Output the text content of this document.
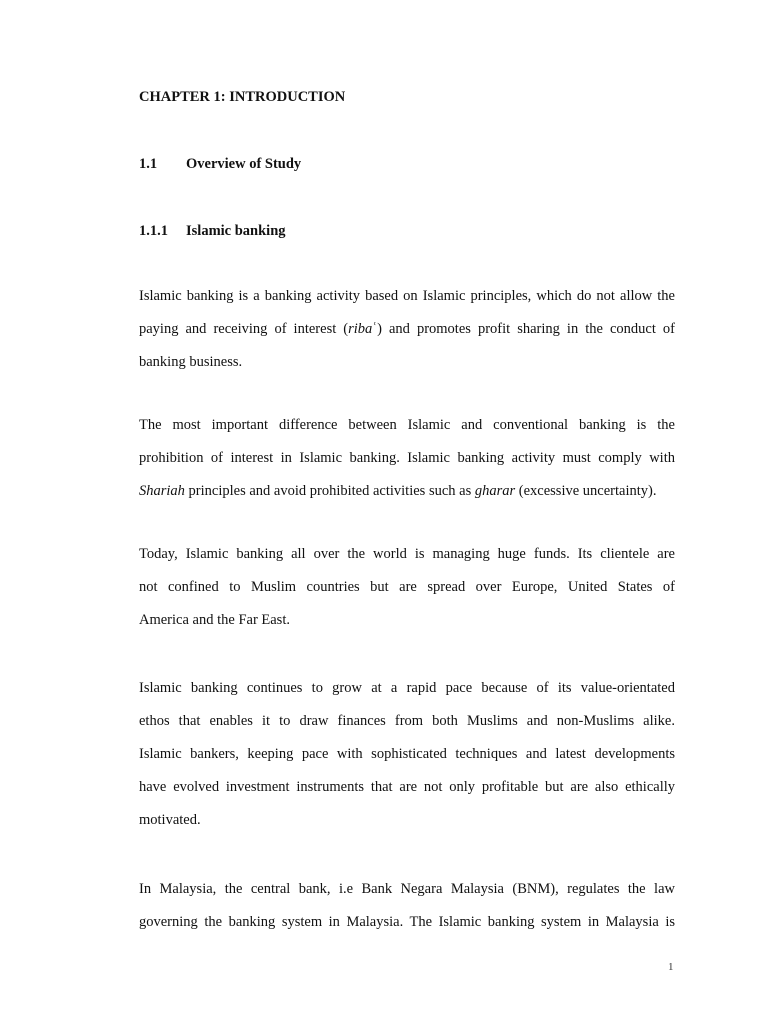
CHAPTER 1: INTRODUCTION
1.1 Overview of Study
1.1.1 Islamic banking
Islamic banking is a banking activity based on Islamic principles, which do not allow the
paying and receiving of interest (ribaʿ) and promotes profit sharing in the conduct of
banking business.
The most important difference between Islamic and conventional banking is the
prohibition of interest in Islamic banking. Islamic banking activity must comply with
Shariah principles and avoid prohibited activities such as gharar (excessive uncertainty).
Today, Islamic banking all over the world is managing huge funds. Its clientele are
not confined to Muslim countries but are spread over Europe, United States of
America and the Far East.
Islamic banking continues to grow at a rapid pace because of its value-orientated
ethos that enables it to draw finances from both Muslims and non-Muslims alike.
Islamic bankers, keeping pace with sophisticated techniques and latest developments
have evolved investment instruments that are not only profitable but are also ethically
motivated.
In Malaysia, the central bank, i.e Bank Negara Malaysia (BNM), regulates the law
governing the banking system in Malaysia. The Islamic banking system in Malaysia is
1
